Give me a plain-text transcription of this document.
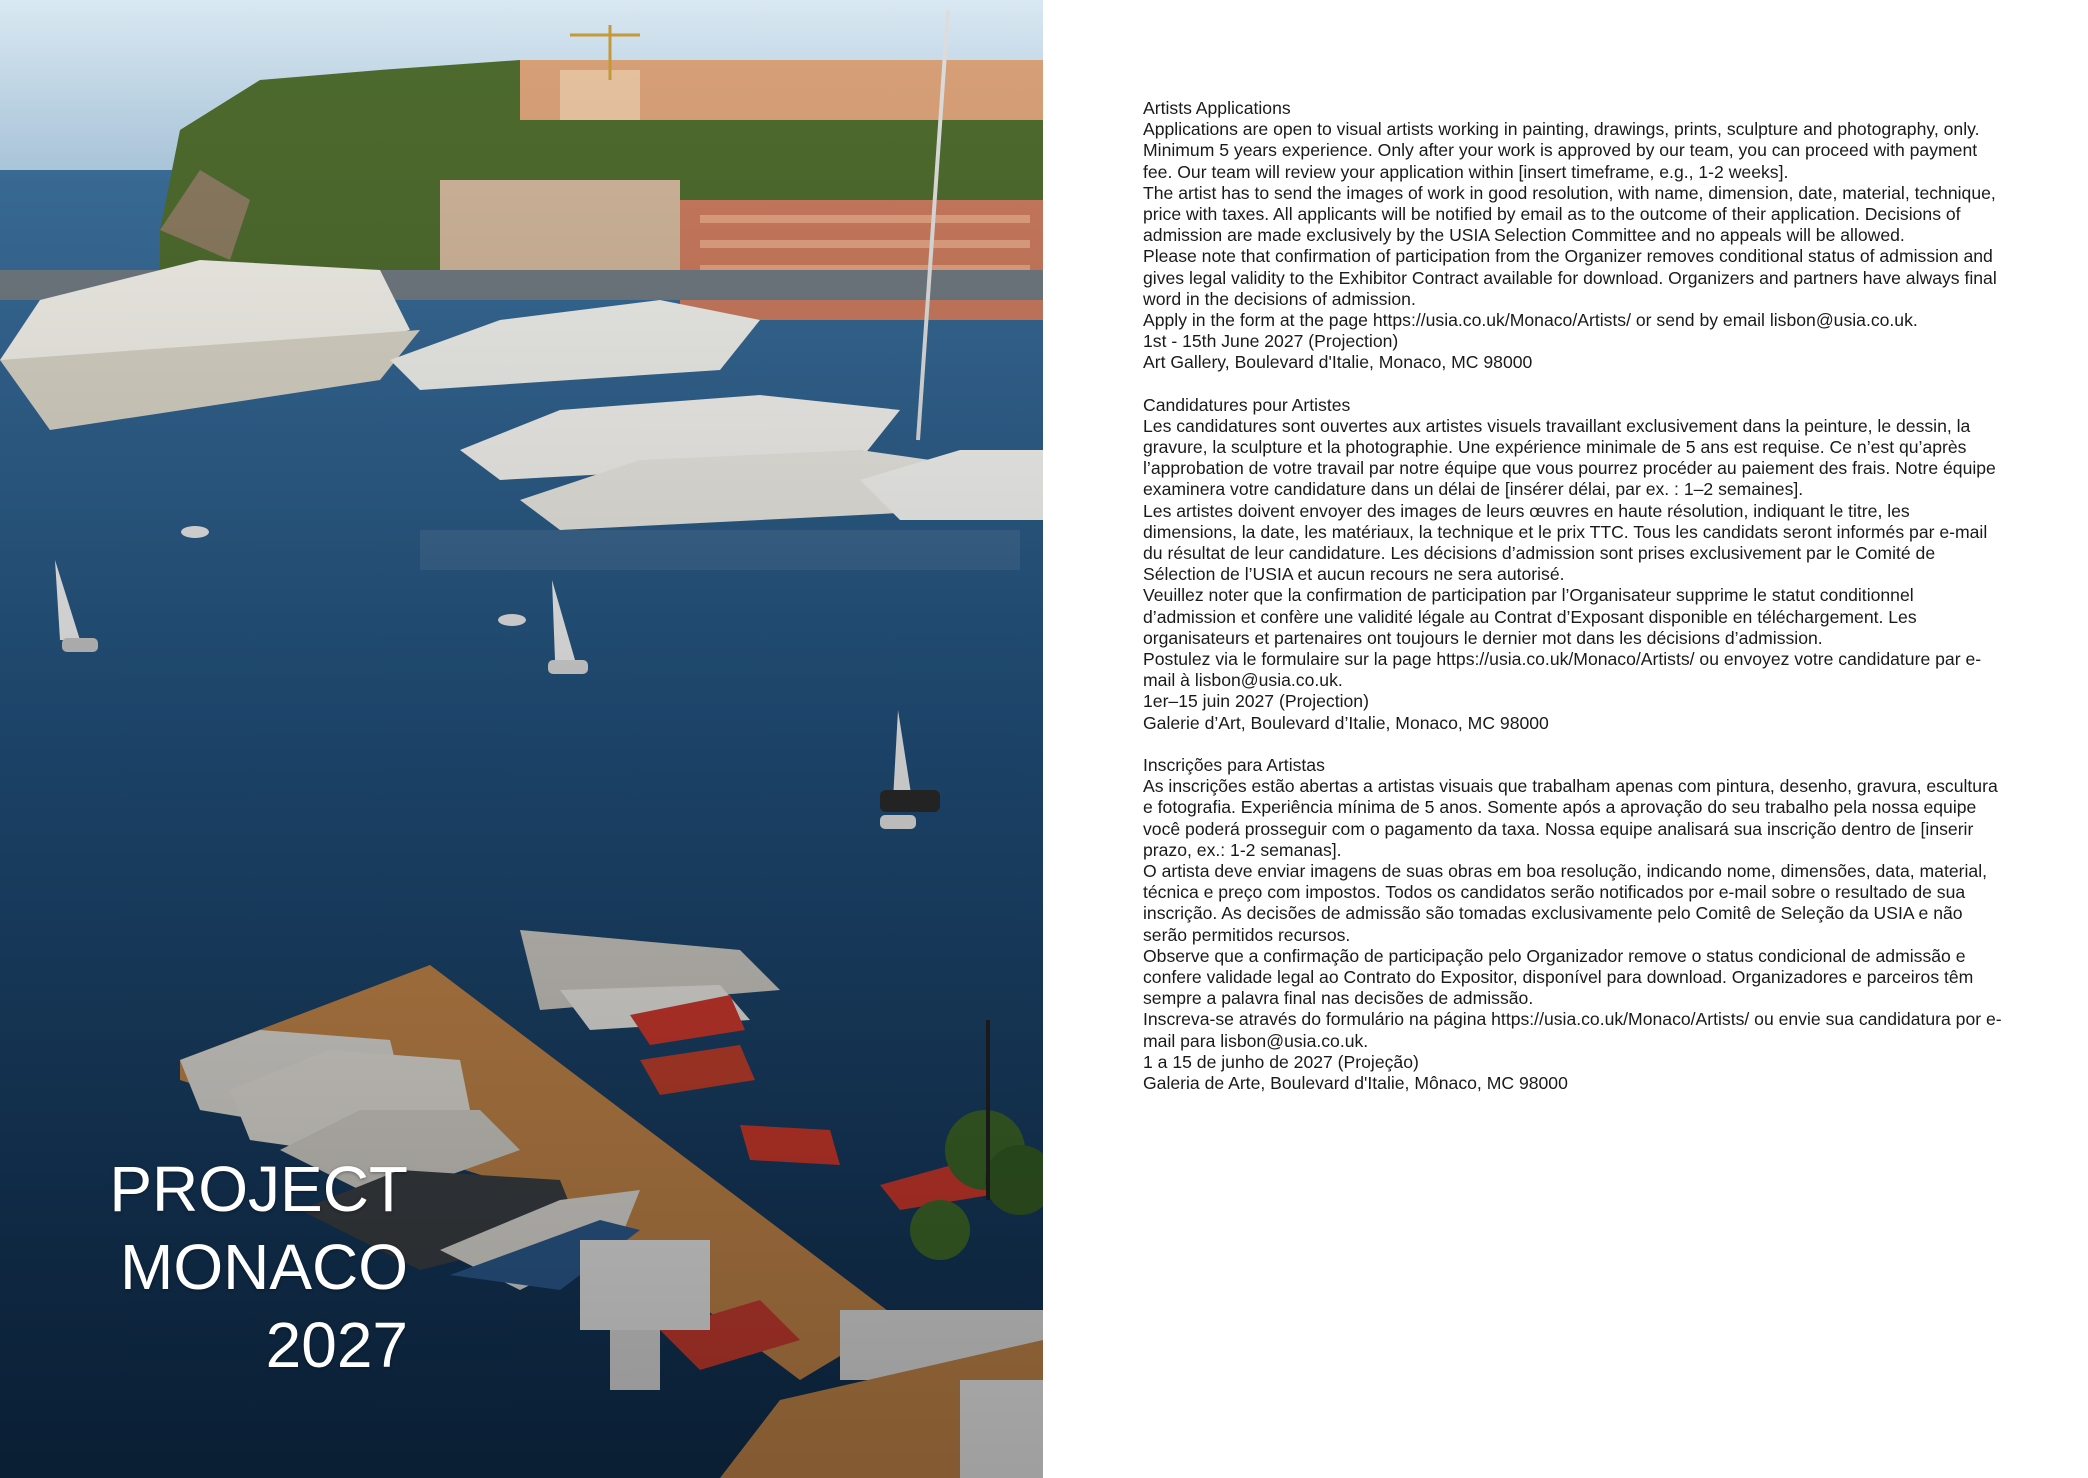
PROJECT
MONACO
2027

Artists Applications

Applications are open to visual artists working in painting, drawings, prints, sculpture and photography, only. Minimum 5 years experience. Only after your work is approved by our team, you can proceed with payment fee. Our team will review your application within [insert timeframe, e.g., 1-2 weeks].

The artist has to send the images of work in good resolution, with name, dimension, date, material, technique, price with taxes. All applicants will be notified by email as to the outcome of their application. Decisions of admission are made exclusively by the USIA Selection Committee and no appeals will be allowed.

Please note that confirmation of participation from the Organizer removes conditional status of admission and gives legal validity to the Exhibitor Contract available for download. Organizers and partners have always final word in the decisions of admission.

Apply in the form at the page https://usia.co.uk/Monaco/Artists/ or send by email lisbon@usia.co.uk.

1st - 15th June 2027 (Projection)

Art Gallery, Boulevard d'Italie, Monaco, MC 98000

Candidatures pour Artistes

Les candidatures sont ouvertes aux artistes visuels travaillant exclusivement dans la peinture, le dessin, la gravure, la sculpture et la photographie. Une expérience minimale de 5 ans est requise. Ce n’est qu’après l’approbation de votre travail par notre équipe que vous pourrez procéder au paiement des frais. Notre équipe examinera votre candidature dans un délai de [insérer délai, par ex. : 1–2 semaines].

Les artistes doivent envoyer des images de leurs œuvres en haute résolution, indiquant le titre, les dimensions, la date, les matériaux, la technique et le prix TTC. Tous les candidats seront informés par e-mail du résultat de leur candidature. Les décisions d’admission sont prises exclusivement par le Comité de Sélection de l’USIA et aucun recours ne sera autorisé.

Veuillez noter que la confirmation de participation par l’Organisateur supprime le statut conditionnel d’admission et confère une validité légale au Contrat d’Exposant disponible en téléchargement. Les organisateurs et partenaires ont toujours le dernier mot dans les décisions d’admission.

Postulez via le formulaire sur la page https://usia.co.uk/Monaco/Artists/ ou envoyez votre candidature par e-mail à lisbon@usia.co.uk.

1er–15 juin 2027 (Projection)

Galerie d’Art, Boulevard d’Italie, Monaco, MC 98000

Inscrições para Artistas

As inscrições estão abertas a artistas visuais que trabalham apenas com pintura, desenho, gravura, escultura e fotografia. Experiência mínima de 5 anos. Somente após a aprovação do seu trabalho pela nossa equipe você poderá prosseguir com o pagamento da taxa. Nossa equipe analisará sua inscrição dentro de [inserir prazo, ex.: 1-2 semanas].

O artista deve enviar imagens de suas obras em boa resolução, indicando nome, dimensões, data, material, técnica e preço com impostos. Todos os candidatos serão notificados por e-mail sobre o resultado de sua inscrição. As decisões de admissão são tomadas exclusivamente pelo Comitê de Seleção da USIA e não serão permitidos recursos.

Observe que a confirmação de participação pelo Organizador remove o status condicional de admissão e confere validade legal ao Contrato do Expositor, disponível para download. Organizadores e parceiros têm sempre a palavra final nas decisões de admissão.

Inscreva-se através do formulário na página https://usia.co.uk/Monaco/Artists/ ou envie sua candidatura por e-mail para lisbon@usia.co.uk.

1 a 15 de junho de 2027 (Projeção)

Galeria de Arte, Boulevard d'Italie, Mônaco, MC 98000
